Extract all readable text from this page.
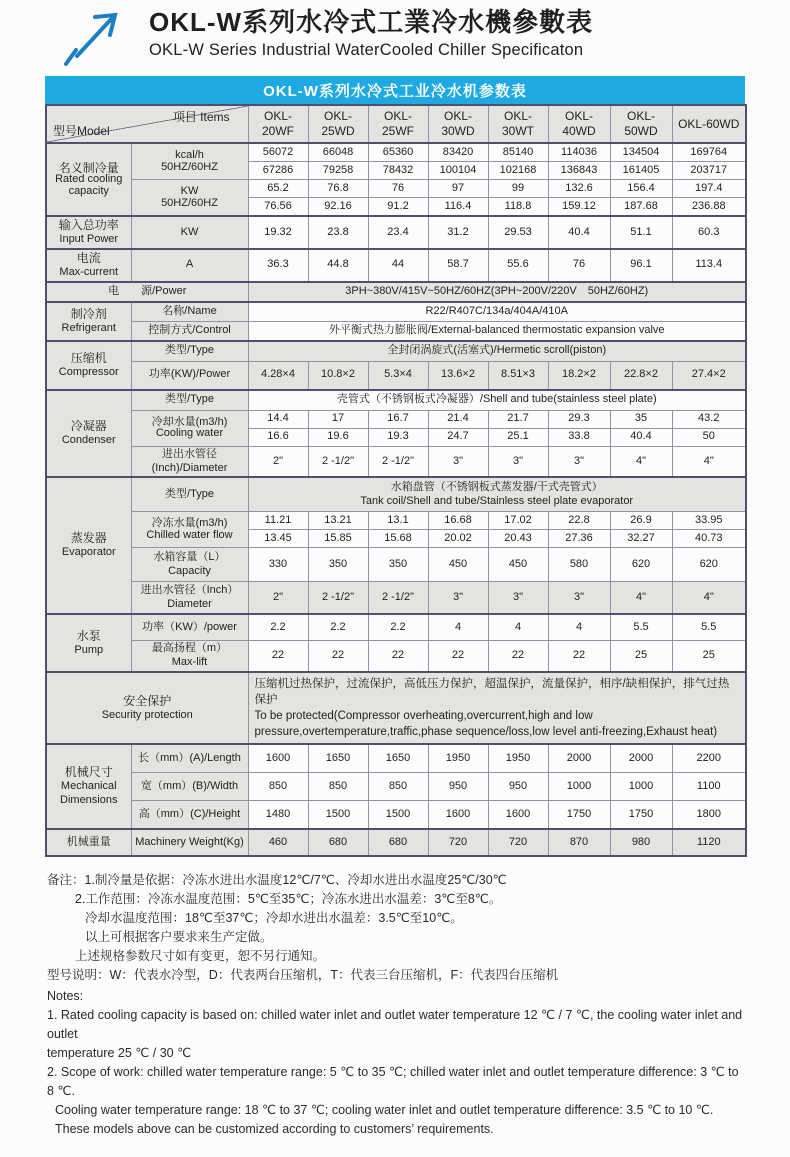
OKL-W系列水冷式工業冷水機參數表
OKL-W Series Industrial WaterCooled Chiller Specificaton
OKL-W系列水冷式工业冷水机参数表
型号Model
项目 Items		OKL-20WF	OKL-25WD	OKL-25WF	OKL-30WD	OKL-30WT	OKL-40WD	OKL-50WD	OKL-60WD

名义制冷量
Rated cooling capacity	kcal/h
50HZ/60HZ	56072	66048	65360	83420	85140	114036	134504	169764
		67286	79258	78432	100104	102168	136843	161405	203717

	KW
50HZ/60HZ	65.2	76.8	76	97	99	132.6	156.4	197.4
		76.56	92.16	91.2	116.4	118.8	159.12	187.68	236.88

输入总功率
Input Power	KW	19.32	23.8	23.4	31.2	29.53	40.4	51.1	60.3

电流
Max-current	A	36.3	44.8	44	58.7	55.6	76	96.1	113.4
电　　源/Power		3PH~380V/415V~50HZ/60HZ(3PH~200V/220V　50HZ/60HZ)							

制冷剂
Refrigerant	名称/Name	R22/R407C/134a/404A/410A							
	控制方式/Control	外平衡式热力膨胀阀/External-balanced thermostatic expansion valve							

压缩机
Compressor	类型/Type	全封闭涡旋式(活塞式)/Hermetic scroll(piston)							
	功率(KW)/Power	4.28×4	10.8×2	5.3×4	13.6×2	8.51×3	18.2×2	22.8×2	27.4×2

冷凝器
Condenser	类型/Type	壳管式（不锈钢板式冷凝器）/Shell and tube(stainless steel plate)							

	冷却水量(m3/h)
Cooling water	14.4	17	16.7	21.4	21.7	29.3	35	43.2
		16.6	19.6	19.3	24.7	25.1	33.8	40.4	50

	进出水管径
(Inch)/Diameter	2"	2 -1/2"	2 -1/2"	3"	3"	3"	4"	4"

蒸发器
Evaporator	类型/Type	水箱盘管（不锈钢板式蒸发器/干式壳管式）
Tank coil/Shell and tube/Stainless steel plate evaporator							

	冷冻水量(m3/h)
Chilled water flow	11.21	13.21	13.1	16.68	17.02	22.8	26.9	33.95
		13.45	15.85	15.68	20.02	20.43	27.36	32.27	40.73

	水箱容量（L）
Capacity	330	350	350	450	450	580	620	620

	进出水管径（Inch）
Diameter	2"	2 -1/2"	2 -1/2"	3"	3"	3"	4"	4"

水泵
Pump	功率（KW）/power	2.2	2.2	2.2	4	4	4	5.5	5.5

	最高扬程（m）
Max-lift	22	22	22	22	22	22	25	25

安全保护
Security protection

压缩机过热保护，过流保护，高低压力保护，超温保护，流量保护，相序/缺相保护，排气过热保护
To be protected(Compressor overheating,overcurrent,high and low pressure,overtemperature,traffic,phase sequence/loss,low level anti-freezing,Exhaust heat)

机械尺寸
Mechanical Dimensions	长（mm）(A)/Length	1600	1650	1650	1950	1950	2000	2000	2200
	宽（mm）(B)/Width	850	850	850	950	950	1000	1000	1100
	高（mm）(C)/Height	1480	1500	1500	1600	1600	1750	1750	1800
机械重量	Machinery Weight(Kg)	460	680	680	720	720	870	980	1120
备注：1.制冷量是依据：冷冻水进出水温度12℃/7℃、冷却水进出水温度25℃/30℃
2.工作范围：冷冻水温度范围：5℃至35℃；冷冻水进出水温差：3℃至8℃。
冷却水温度范围：18℃至37℃；冷却水进出水温差：3.5℃至10℃。
以上可根据客户要求来生产定做。
上述规格参数尺寸如有变更，恕不另行通知。
型号说明：W：代表水冷型，D：代表两台压缩机，T：代表三台压缩机，F：代表四台压缩机
Notes:
1. Rated cooling capacity is based on: chilled water inlet and outlet water temperature 12 ℃ / 7 ℃, the cooling water inlet and outlet
temperature 25 ℃ / 30 ℃
2. Scope of work: chilled water temperature range: 5 ℃ to 35 ℃; chilled water inlet and outlet temperature difference: 3 ℃ to 8 ℃.
Cooling water temperature range: 18 ℃ to 37 ℃; cooling water inlet and outlet temperature difference: 3.5 ℃ to 10 ℃.
These models above can be customized according to customers’ requirements.
